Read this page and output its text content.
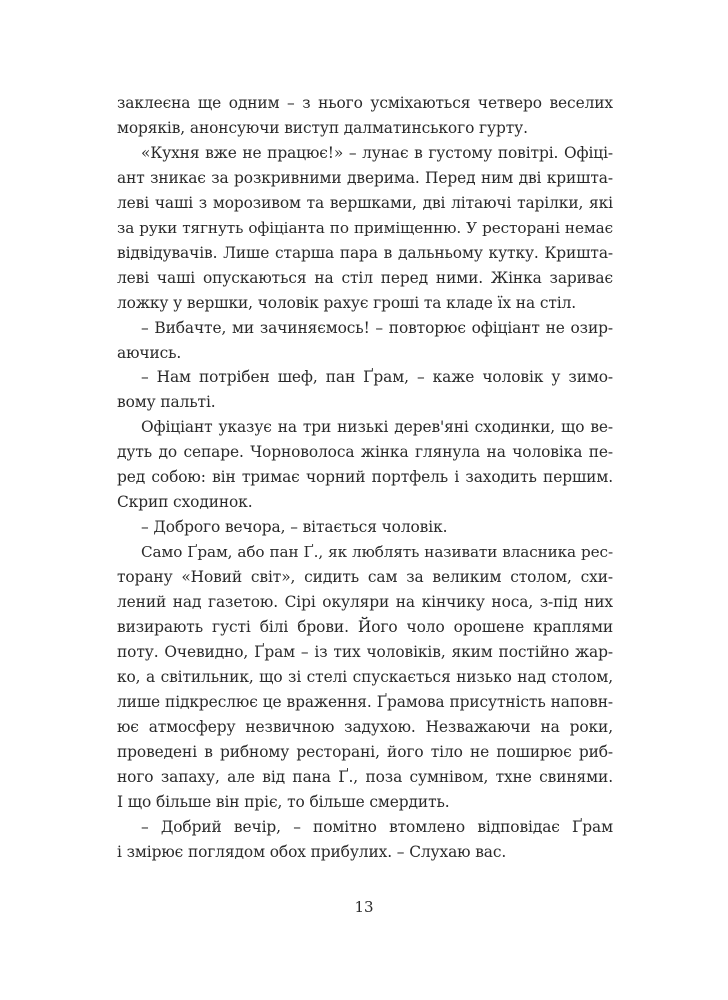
заклеєна ще одним – з нього усміхаються четверо веселих
моряків, анонсуючи виступ далматинського гурту.
«Кухня вже не працює!» – лунає в густому повітрі. Офіці-
ант зникає за розкривними дверима. Перед ним дві кришта-
леві чаші з морозивом та вершками, дві літаючі тарілки, які
за руки тягнуть офіціанта по приміщенню. У ресторані немає
відвідувачів. Лише старша пара в дальньому кутку. Кришта-
леві чаші опускаються на стіл перед ними. Жінка зариває
ложку у вершки, чоловік рахує гроші та кладе їх на стіл.
– Вибачте, ми зачиняємось! – повторює офіціант не озир-
аючись.
– Нам потрібен шеф, пан Ґрам, – каже чоловік у зимо-
вому пальті.
Офіціант указує на три низькі дерев'яні сходинки, що ве-
дуть до сепаре. Чорноволоса жінка глянула на чоловіка пе-
ред собою: він тримає чорний портфель і заходить першим.
Скрип сходинок.
– Доброго вечора, – вітається чоловік.
Само Ґрам, або пан Ґ., як люблять називати власника рес-
торану «Новий світ», сидить сам за великим столом, схи-
лений над газетою. Сірі окуляри на кінчику носа, з-під них
визирають густі білі брови. Його чоло орошене краплями
поту. Очевидно, Ґрам – із тих чоловіків, яким постійно жар-
ко, а світильник, що зі стелі спускається низько над столом,
лише підкреслює це враження. Ґрамова присутність наповн-
ює атмосферу незвичною задухою. Незважаючи на роки,
проведені в рибному ресторані, його тіло не поширює риб-
ного запаху, але від пана Ґ., поза сумнівом, тхне свинями.
І що більше він пріє, то більше смердить.
– Добрий вечір, – помітно втомлено відповідає Ґрам
і змірює поглядом обох прибулих. – Слухаю вас.
13
